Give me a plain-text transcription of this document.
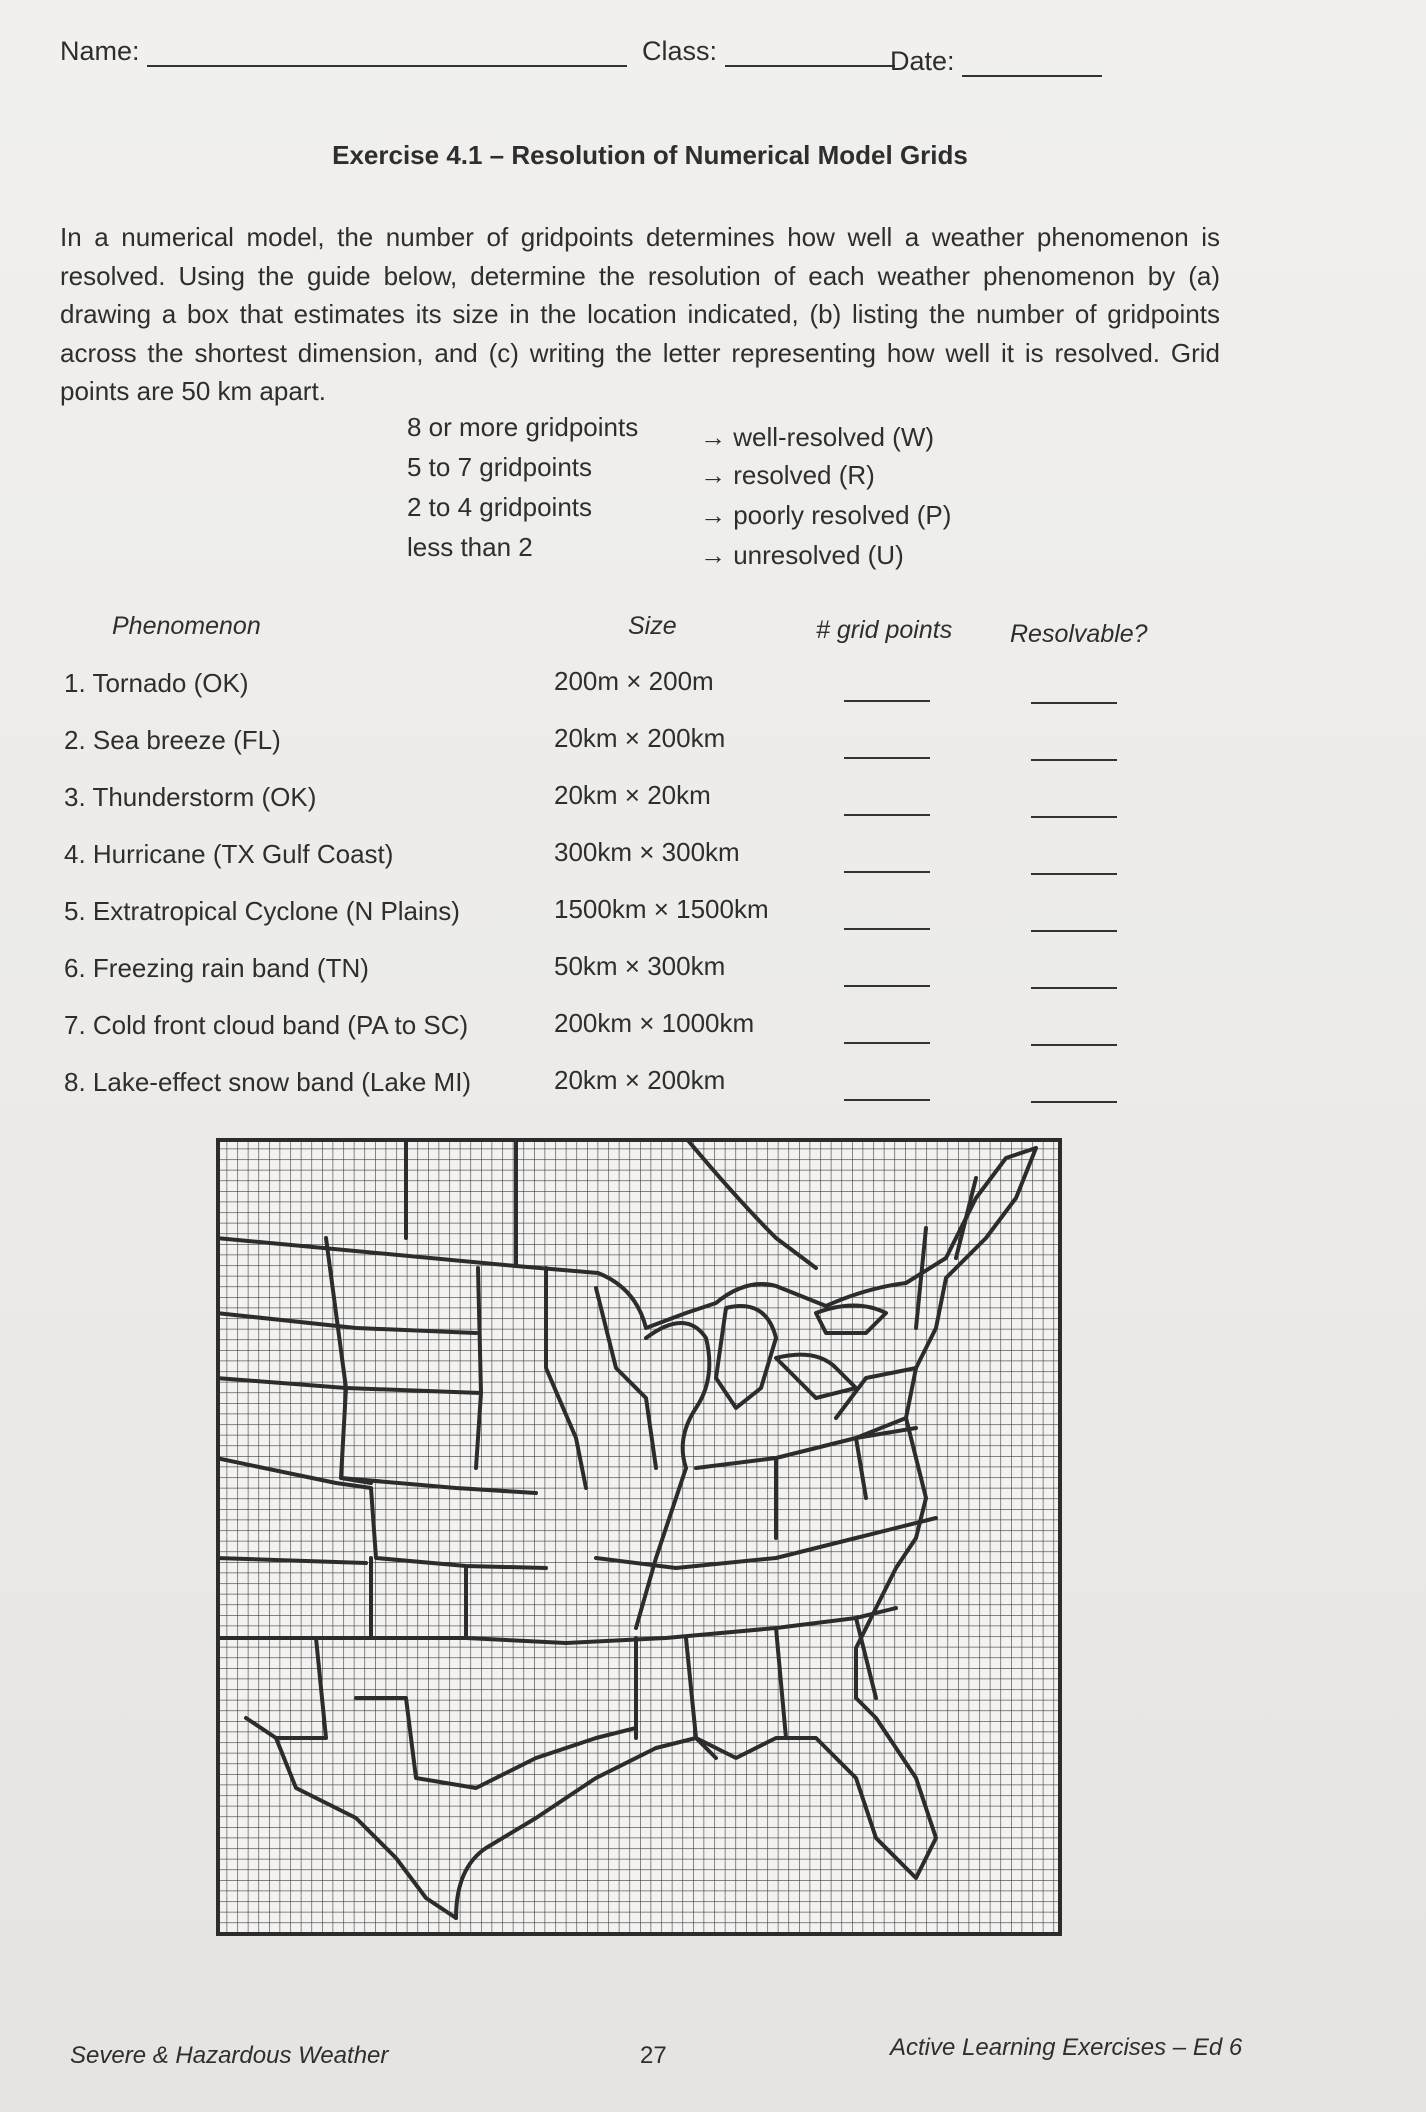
Name:	Class:	Date:
Exercise 4.1 – Resolution of Numerical Model Grids
In a numerical model, the number of gridpoints determines how well a weather phenomenon is resolved. Using the guide below, determine the resolution of each weather phenomenon by (a) drawing a box that estimates its size in the location indicated, (b) listing the number of gridpoints across the shortest dimension, and (c) writing the letter representing how well it is resolved. Grid points are 50 km apart.
8 or more gridpoints → well-resolved (W)
5 to 7 gridpoints	→ resolved (R)
2 to 4 gridpoints	→ poorly resolved (P)
less than 2	→ unresolved (U)
Phenomenon	Size	# grid points Resolvable?
1. Tornado (OK)	200m × 200m
2. Sea breeze (FL)	20km × 200km
3. Thunderstorm (OK)	20km × 20km
4. Hurricane (TX Gulf Coast)	300km × 300km
5. Extratropical Cyclone (N Plains)	1500km × 1500km
6. Freezing rain band (TN)	50km × 300km
7. Cold front cloud band (PA to SC)	200km × 1000km
8. Lake-effect snow band (Lake MI)	20km × 200km
Severe & Hazardous Weather	27	Active Learning Exercises – Ed 6
